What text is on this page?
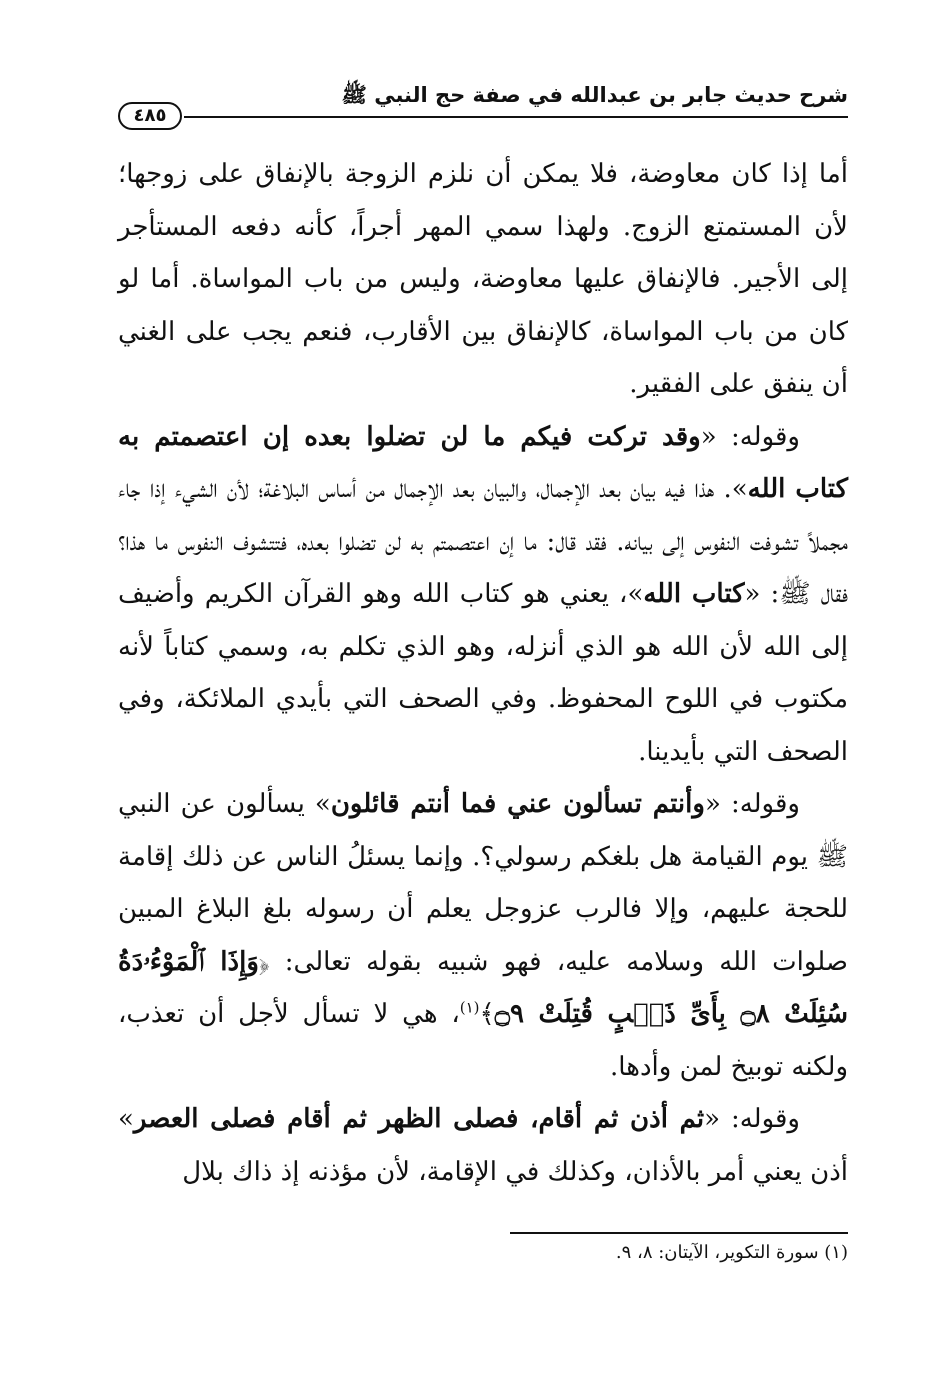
شرح حديث جابر بن عبدالله في صفة حج النبي ﷺ
٤٨٥

أما إذا كان معاوضة، فلا يمكن أن نلزم الزوجة بالإنفاق على زوجها؛ لأن المستمتع الزوج. ولهذا سمي المهر أجراً، كأنه دفعه المستأجر إلى الأجير. فالإنفاق عليها معاوضة، وليس من باب المواساة. أما لو كان من باب المواساة، كالإنفاق بين الأقارب، فنعم يجب على الغني أن ينفق على الفقير.

وقوله: «وقد تركت فيكم ما لن تضلوا بعده إن اعتصمتم به كتاب الله». هذا فيه بيان بعد الإجمال، والبيان بعد الإجمال من أساس البلاغة؛ لأن الشيء إذا جاء مجملاً تشوفت النفوس إلى بيانه. فقد قال: ما إن اعتصمتم به لن تضلوا بعده، فتتشوف النفوس ما هذا؟ فقال ﷺ: «كتاب الله»، يعني هو كتاب الله وهو القرآن الكريم وأضيف إلى الله لأن الله هو الذي أنزله، وهو الذي تكلم به، وسمي كتاباً لأنه مكتوب في اللوح المحفوظ. وفي الصحف التي بأيدي الملائكة، وفي الصحف التي بأيدينا.

وقوله: «وأنتم تسألون عني فما أنتم قائلون» يسألون عن النبي ﷺ يوم القيامة هل بلغكم رسولي؟. وإنما يسئلُ الناس عن ذلك إقامة للحجة عليهم، وإلا فالرب عزوجل يعلم أن رسوله بلغ البلاغ المبين صلوات الله وسلامه عليه، فهو شبيه بقوله تعالى: ﴿وَإِذَا ٱلْمَوْءُۥدَةُ سُئِلَتْ ۝٨ بِأَىِّ ذَنۢبٍ قُتِلَتْ ۝٩﴾$^{(١)}$، هي لا تسأل لأجل أن تعذب، ولكنه توبيخ لمن وأدها.

وقوله: «ثم أذن ثم أقام، فصلى الظهر ثم أقام فصلى العصر» أذن يعني أمر بالأذان، وكذلك في الإقامة، لأن مؤذنه إذ ذاك بلال

(١) سورة التكوير، الآيتان: ٨، ٩.
